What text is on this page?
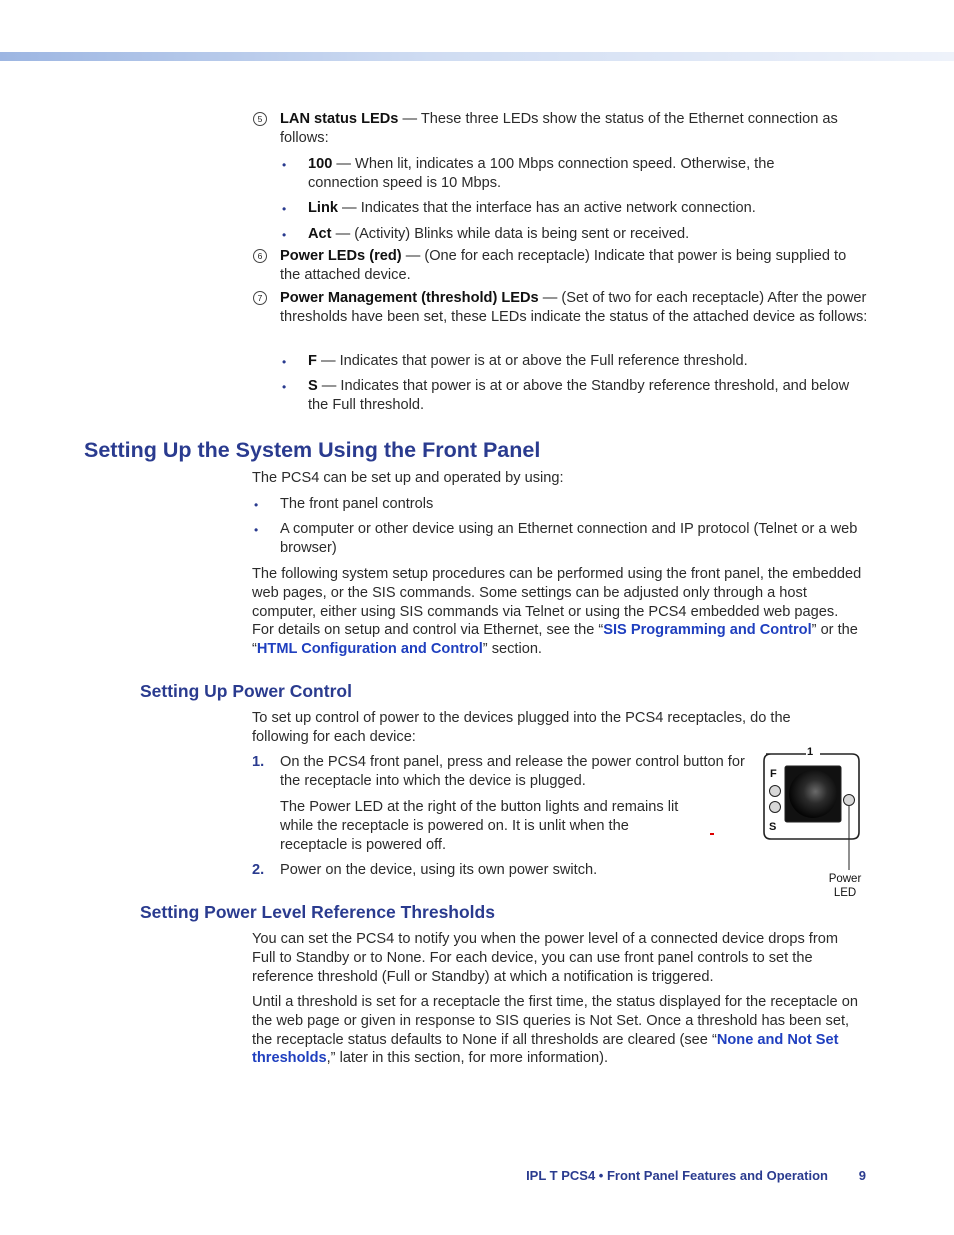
5	LAN status LEDs — These three LEDs show the status of the Ethernet connection as follows:
• 100 — When lit, indicates a 100 Mbps connection speed. Otherwise, the connection speed is 10 Mbps.
• Link — Indicates that the interface has an active network connection.
• Act — (Activity) Blinks while data is being sent or received.
6	Power LEDs (red) — (One for each receptacle) Indicate that power is being supplied to the attached device.
7	Power Management (threshold) LEDs — (Set of two for each receptacle) After the power thresholds have been set, these LEDs indicate the status of the attached device as follows:
• F — Indicates that power is at or above the Full reference threshold.
• S — Indicates that power is at or above the Standby reference threshold, and below the Full threshold.
Setting Up the System Using the Front Panel
The PCS4 can be set up and operated by using:
• The front panel controls
• A computer or other device using an Ethernet connection and IP protocol (Telnet or a web browser)
The following system setup procedures can be performed using the front panel, the embedded web pages, or the SIS commands. Some settings can be adjusted only through a host computer, either using SIS commands via Telnet or using the PCS4 embedded web pages. For details on setup and control via Ethernet, see the “SIS Programming and Control” or the “HTML Configuration and Control” section.
Setting Up Power Control
To set up control of power to the devices plugged into the PCS4 receptacles, do the following for each device:
1. On the PCS4 front panel, press and release the power control button for the receptacle into which the device is plugged.
The Power LED at the right of the button lights and remains lit while the receptacle is powered on. It is unlit when the receptacle is powered off.
2. Power on the device, using its own power switch.
1
F
S
Power
LED
Setting Power Level Reference Thresholds
You can set the PCS4 to notify you when the power level of a connected device drops from Full to Standby or to None. For each device, you can use front panel controls to set the reference threshold (Full or Standby) at which a notification is triggered.
Until a threshold is set for a receptacle the first time, the status displayed for the receptacle on the web page or given in response to SIS queries is Not Set. Once a threshold has been set, the receptacle status defaults to None if all thresholds are cleared (see “None and Not Set thresholds,” later in this section, for more information).
IPL T PCS4 • Front Panel Features and Operation 9
